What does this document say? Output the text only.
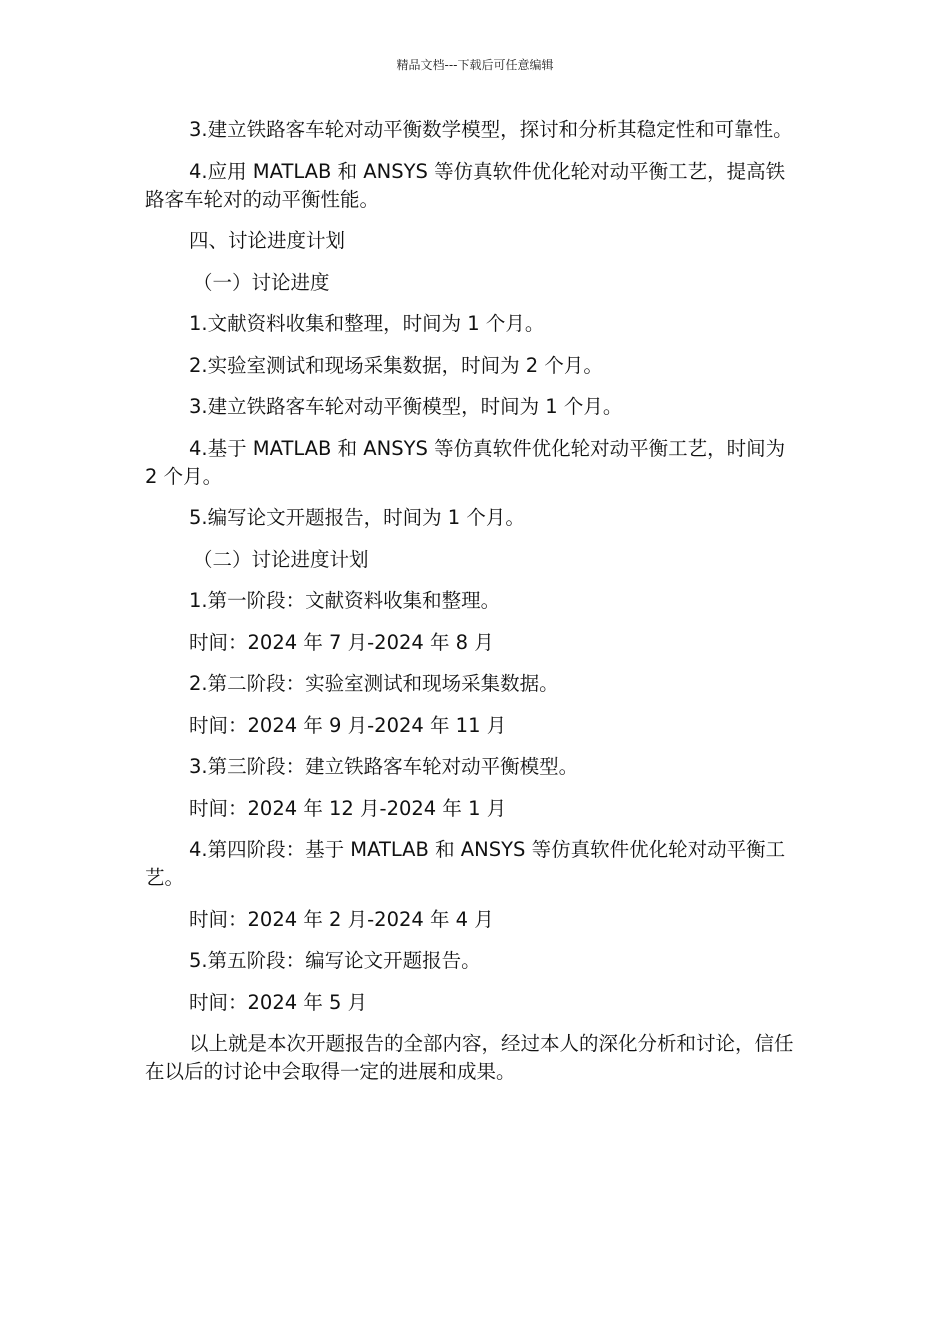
精品文档---下载后可任意编辑

3.建立铁路客车轮对动平衡数学模型，探讨和分析其稳定性和可靠性。

4.应用 MATLAB 和 ANSYS 等仿真软件优化轮对动平衡工艺，提高铁路客车轮对的动平衡性能。

四、讨论进度计划

（一）讨论进度

1.文献资料收集和整理，时间为 1 个月。

2.实验室测试和现场采集数据，时间为 2 个月。

3.建立铁路客车轮对动平衡模型，时间为 1 个月。

4.基于 MATLAB 和 ANSYS 等仿真软件优化轮对动平衡工艺，时间为 2 个月。

5.编写论文开题报告，时间为 1 个月。

（二）讨论进度计划

1.第一阶段：文献资料收集和整理。

时间：2024 年 7 月-2024 年 8 月

2.第二阶段：实验室测试和现场采集数据。

时间：2024 年 9 月-2024 年 11 月

3.第三阶段：建立铁路客车轮对动平衡模型。

时间：2024 年 12 月-2024 年 1 月

4.第四阶段：基于 MATLAB 和 ANSYS 等仿真软件优化轮对动平衡工艺。

时间：2024 年 2 月-2024 年 4 月

5.第五阶段：编写论文开题报告。

时间：2024 年 5 月

以上就是本次开题报告的全部内容，经过本人的深化分析和讨论，信任在以后的讨论中会取得一定的进展和成果。
